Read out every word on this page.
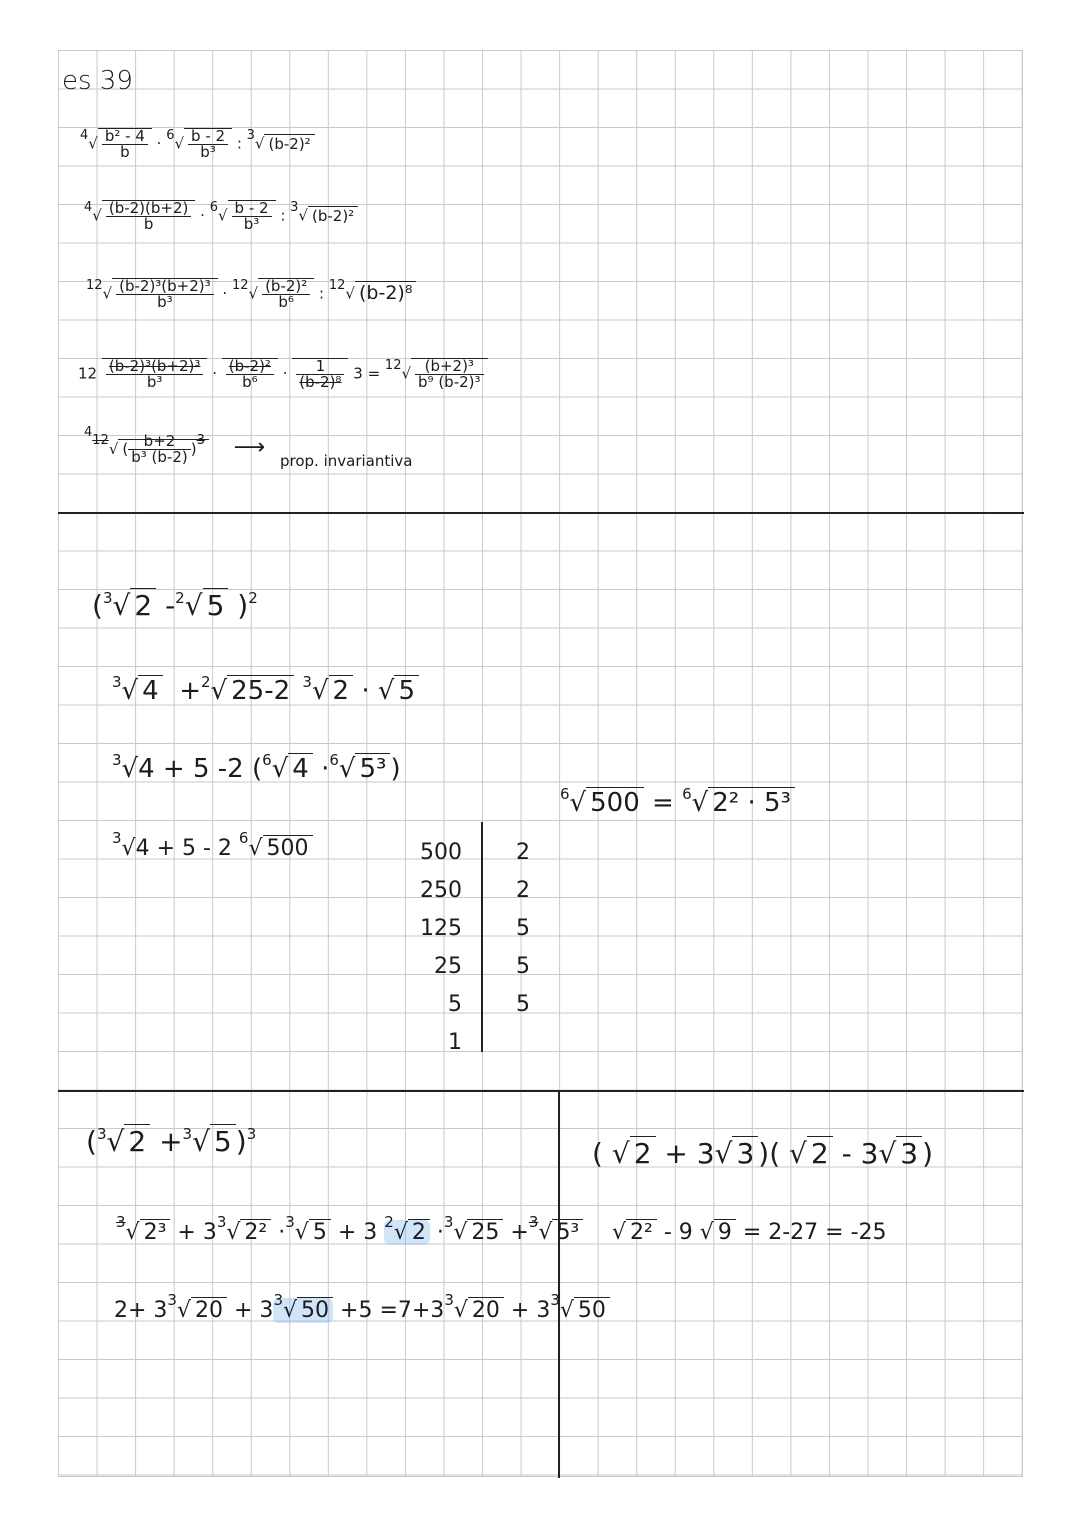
es 39
$4√ \frac{\text{b² - 4}}{b} \cdot 6√ \frac{b - 2}{\text{b³}}$ : 3√ (b-2)²
$4√ \frac{(b-2)(b+2)}{b} \cdot 6√ \frac{b - 2}{\text{b³}}$ : 3√ (b-2)²
$12√ \frac{\text{(b-2)³(b+2)³}}{\text{b³}} \cdot 12√ \frac{\text{(b-2)²}}{\text{b⁶}}$ : 12√ (b-2)⁸
$12 \frac{\text{(b-2)³(b+2)³}}{\text{b³}} \cdot \frac{\text{(b-2)²}}{\text{b⁶}} \cdot \frac{1}{\text{(b-2)⁸}} 3 = 12√ \frac{\text{(b+2)³}}{\text{b⁹ (b-2)³}}$
412√ ( $\frac{b+2}{\text{b³ (b-2)}} )3$ ⟶ prop. invariantiva
($^3$√ 2 -$^2$√ 5 )$^2$
$^3$√ 4 +$^2$√ 25-2 $^3$√ 2 · √ 5
$^3$√4 + 5 -2 ($^6$√ 4 ·$^6$√ 5³ )
$^3$√4 + 5 - 2 $^6$√ 500	500
250
125
25
5
1
2
2
5
5
5
$^6$√ 500 = $^6$√ 2² · 5³
($^3$√ 2 +$^3$√ 5 )$^3$
$^3$√ $2^3 + 3^3√$ 2² ·$^3$√ 5 + 3 $^2$√ 2 ·$^3$√ 25 +$^3$√ 5³
$2+ 3^3√$ $20 + 3^3√$ $50 +5 =7+3^3√$ $20 + 3^3√$ 50
( √ 2 + 3√ 3 )( √ 2 - 3√ 3 )
√ 2² - 9 √ 9 = 2-27 = -25
